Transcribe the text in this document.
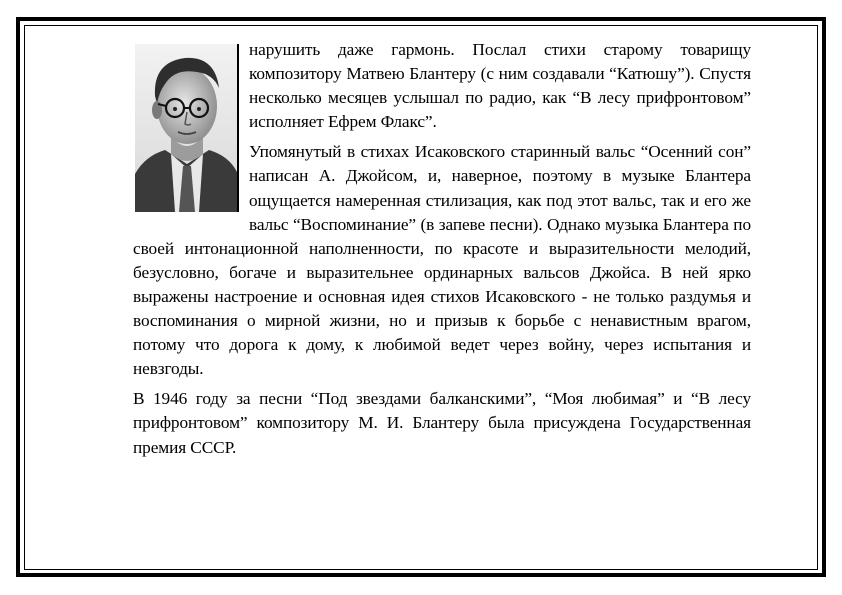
нарушить даже гармонь. Послал стихи старому товарищу композитору Матвею Блантеру (с ним создавали “Катюшу”). Спустя несколько месяцев услышал по радио, как “В лесу прифронтовом” исполняет Ефрем Флакс”.

Упомянутый в стихах Исаковского старинный вальс “Осенний сон” написан А. Джойсом, и, наверное, поэтому в музыке Блантера ощущается намеренная стилизация, как под этот вальс, так и его же вальс “Воспоминание” (в запеве песни). Однако музыка Блантера по своей интонационной наполненности, по красоте и выразительности мелодий, безусловно, богаче и выразительнее ординарных вальсов Джойса. В ней ярко выражены настроение и основная идея стихов Исаковского - не только раздумья и воспоминания о мирной жизни, но и призыв к борьбе с ненавистным врагом, потому что дорога к дому, к любимой ведет через войну, через испытания и невзгоды.

В 1946 году за песни “Под звездами балканскими”, “Моя любимая” и “В лесу прифронтовом” композитору М. И. Блантеру была присуждена Государственная премия СССР.
